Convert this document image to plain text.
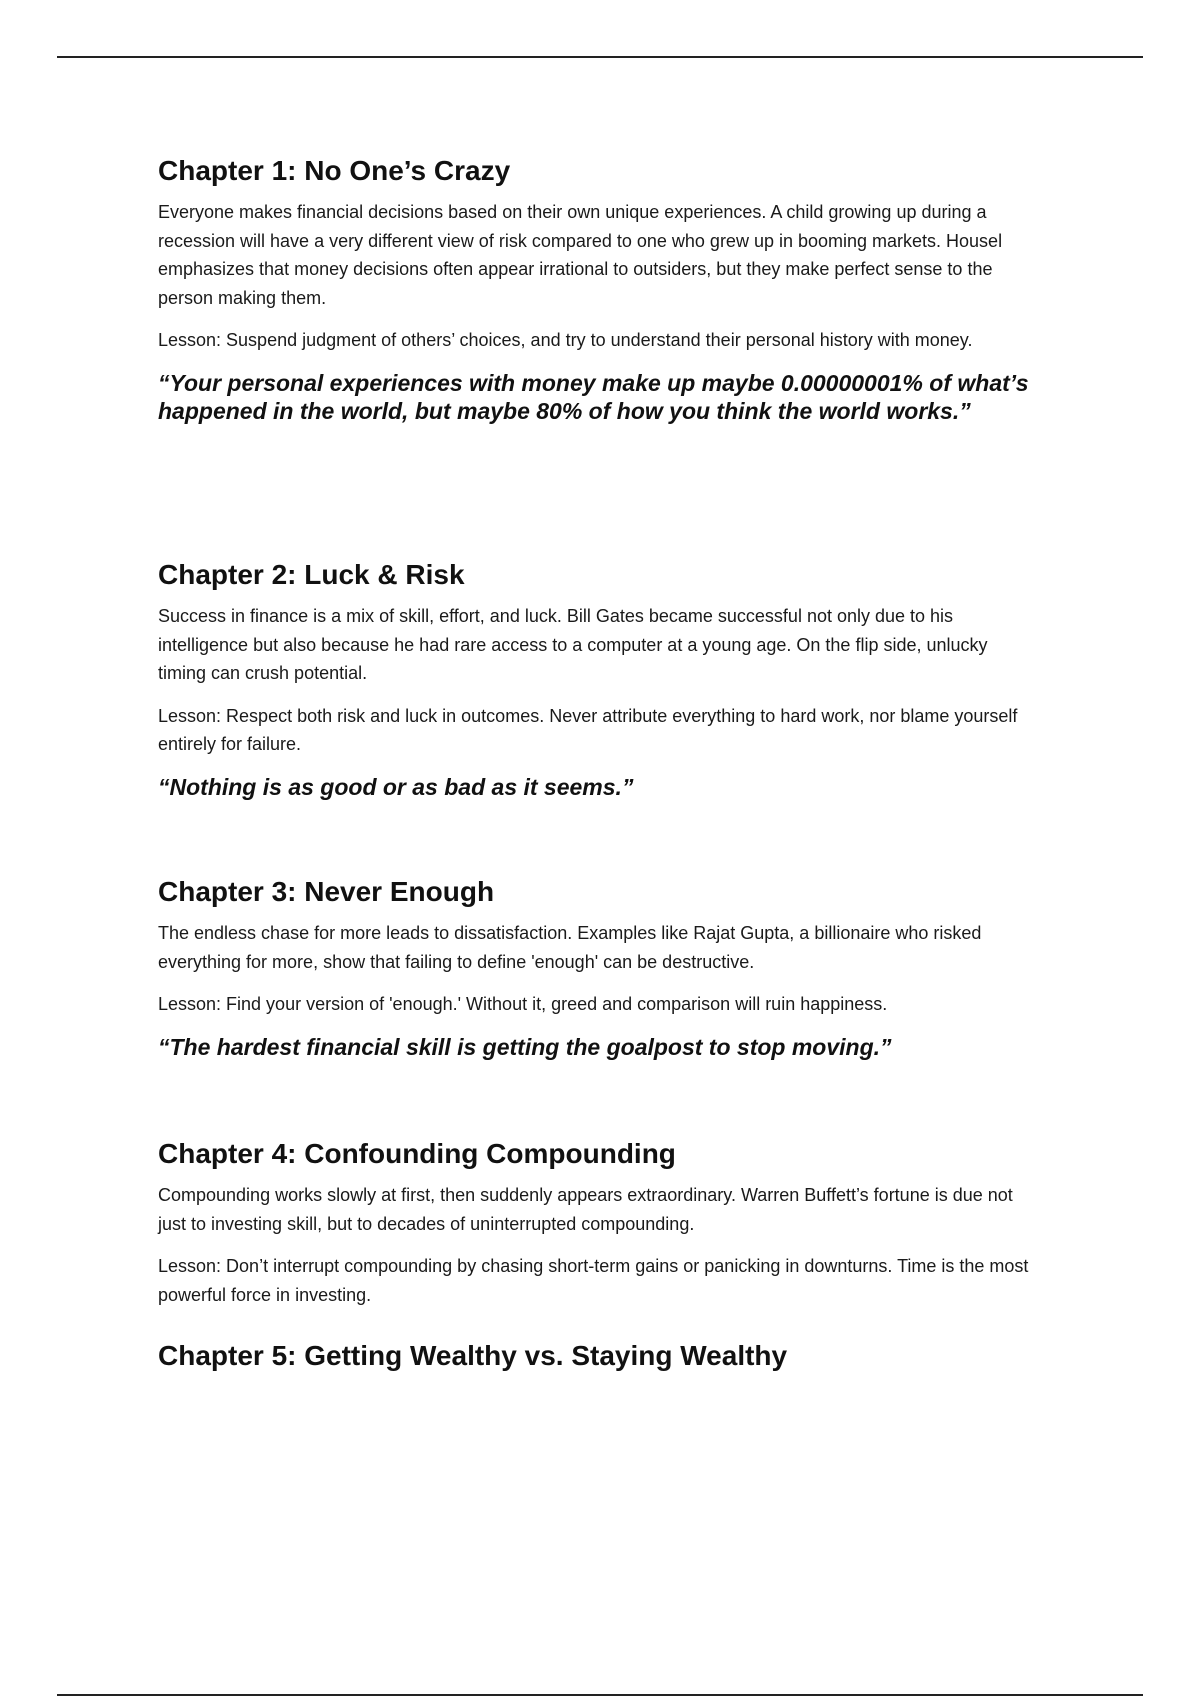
Chapter 1: No One’s Crazy

Everyone makes financial decisions based on their own unique experiences. A child growing up during a recession will have a very different view of risk compared to one who grew up in booming markets. Housel emphasizes that money decisions often appear irrational to outsiders, but they make perfect sense to the person making them.

Lesson: Suspend judgment of others’ choices, and try to understand their personal history with money.

“Your personal experiences with money make up maybe 0.00000001% of what’s happened in the world, but maybe 80% of how you think the world works.”

Chapter 2: Luck & Risk

Success in finance is a mix of skill, effort, and luck. Bill Gates became successful not only due to his intelligence but also because he had rare access to a computer at a young age. On the flip side, unlucky timing can crush potential.

Lesson: Respect both risk and luck in outcomes. Never attribute everything to hard work, nor blame yourself entirely for failure.

“Nothing is as good or as bad as it seems.”

Chapter 3: Never Enough

The endless chase for more leads to dissatisfaction. Examples like Rajat Gupta, a billionaire who risked everything for more, show that failing to define 'enough' can be destructive.

Lesson: Find your version of 'enough.' Without it, greed and comparison will ruin happiness.

“The hardest financial skill is getting the goalpost to stop moving.”

Chapter 4: Confounding Compounding

Compounding works slowly at first, then suddenly appears extraordinary. Warren Buffett’s fortune is due not just to investing skill, but to decades of uninterrupted compounding.

Lesson: Don’t interrupt compounding by chasing short-term gains or panicking in downturns. Time is the most powerful force in investing.

Chapter 5: Getting Wealthy vs. Staying Wealthy
